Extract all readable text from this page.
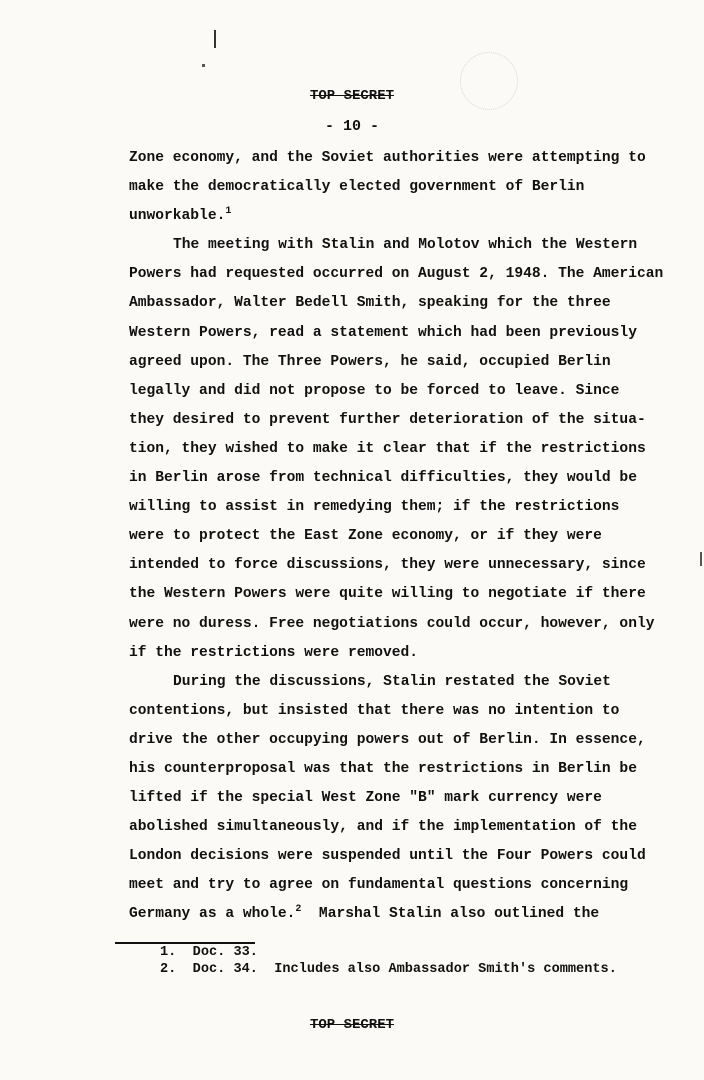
TOP SECRET
- 10 -

Zone economy, and the Soviet authorities were attempting to
make the democratically elected government of Berlin
unworkable.$^1$

The meeting with Stalin and Molotov which the Western
Powers had requested occurred on August 2, 1948. The American
Ambassador, Walter Bedell Smith, speaking for the three
Western Powers, read a statement which had been previously
agreed upon. The Three Powers, he said, occupied Berlin
legally and did not propose to be forced to leave. Since
they desired to prevent further deterioration of the situa-
tion, they wished to make it clear that if the restrictions
in Berlin arose from technical difficulties, they would be
willing to assist in remedying them; if the restrictions
were to protect the East Zone economy, or if they were
intended to force discussions, they were unnecessary, since
the Western Powers were quite willing to negotiate if there
were no duress. Free negotiations could occur, however, only
if the restrictions were removed.

During the discussions, Stalin restated the Soviet
contentions, but insisted that there was no intention to
drive the other occupying powers out of Berlin. In essence,
his counterproposal was that the restrictions in Berlin be
lifted if the special West Zone "B" mark currency were
abolished simultaneously, and if the implementation of the
London decisions were suspended until the Four Powers could
meet and try to agree on fundamental questions concerning
Germany as a whole.$^2$  Marshal Stalin also outlined the

1. Doc. 33.
2. Doc. 34.  Includes also Ambassador Smith's comments.
TOP SECRET
